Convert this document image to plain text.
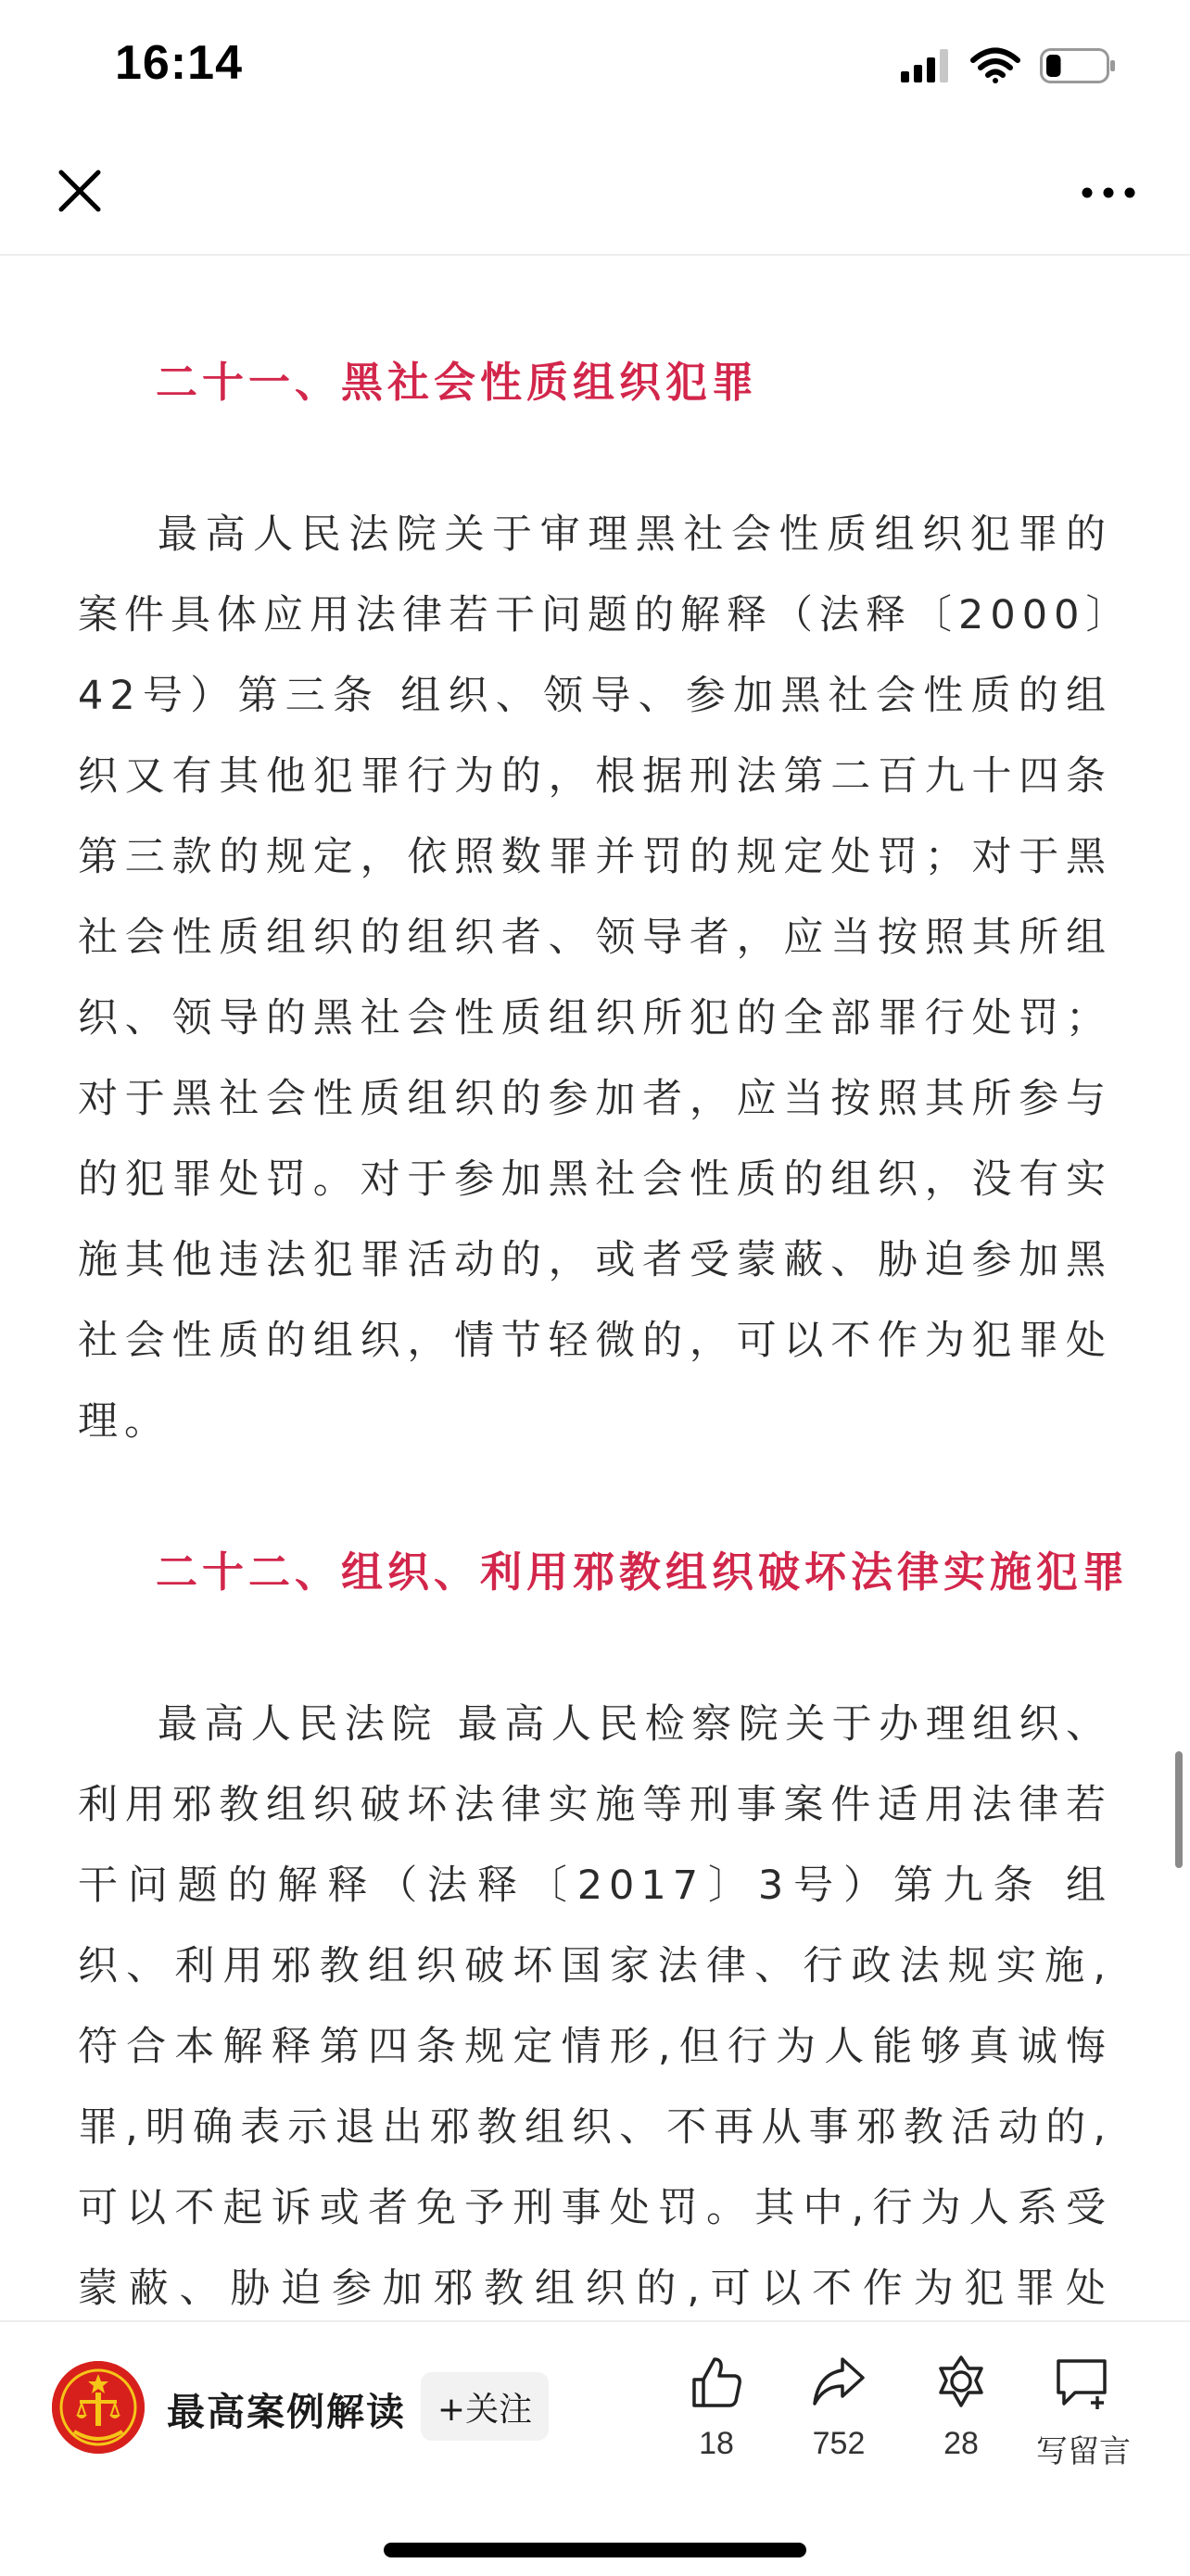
16:14
二十一、黑社会性质组织犯罪

最高人民法院关于审理黑社会性质组织犯罪的案件具体应用法律若干问题的解释（法释〔2000〕42号）第三条 组织、领导、参加黑社会性质的组织又有其他犯罪行为的，根据刑法第二百九十四条第三款的规定，依照数罪并罚的规定处罚；对于黑社会性质组织的组织者、领导者，应当按照其所组织、领导的黑社会性质组织所犯的全部罪行处罚；对于黑社会性质组织的参加者，应当按照其所参与的犯罪处罚。对于参加黑社会性质的组织，没有实施其他违法犯罪活动的，或者受蒙蔽、胁迫参加黑社会性质的组织，情节轻微的，可以不作为犯罪处理。

二十二、组织、利用邪教组织破坏法律实施犯罪

最高人民法院 最高人民检察院关于办理组织、利用邪教组织破坏法律实施等刑事案件适用法律若干问题的解释（法释〔2017〕3号）第九条 组织、利用邪教组织破坏国家法律、行政法规实施,符合本解释第四条规定情形,但行为人能够真诚悔罪,明确表示退出邪教组织、不再从事邪教活动的,可以不起诉或者免予刑事处罚。其中,行为人系受蒙蔽、胁迫参加邪教组织的,可以不作为犯罪处

最高案例解读 +关注
18	752	28	写留言
